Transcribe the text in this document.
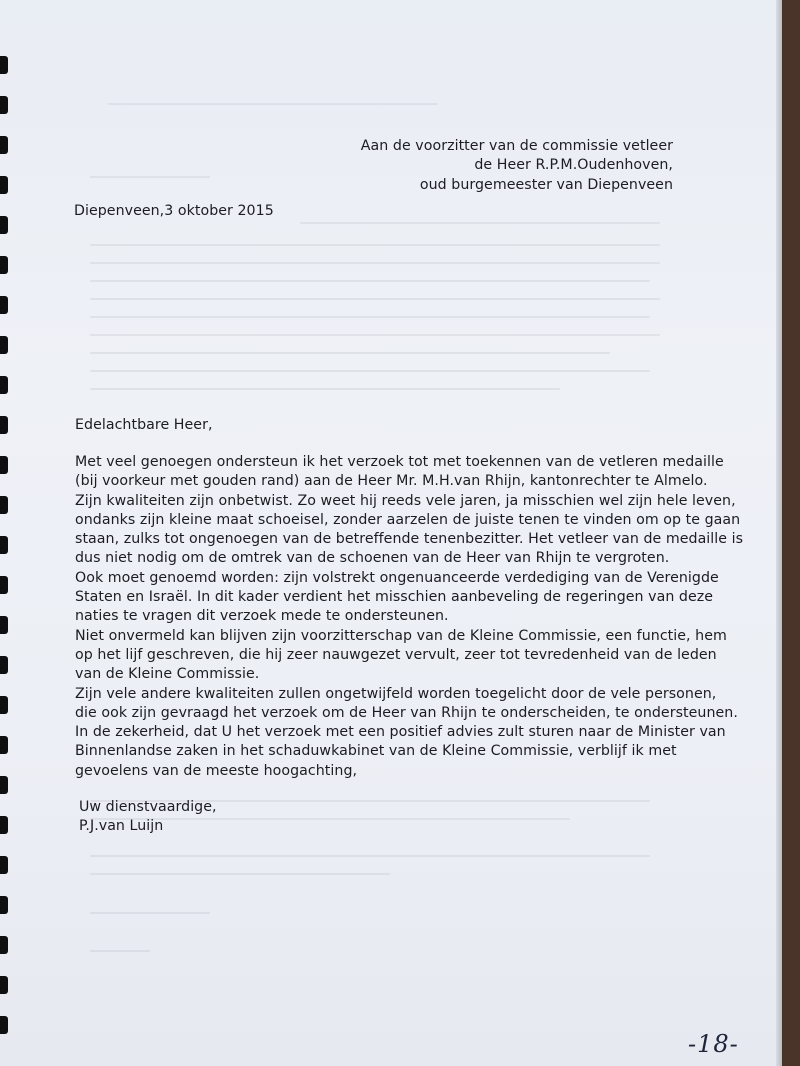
Aan de voorzitter van de commissie vetleer
de Heer R.P.M.Oudenhoven,
oud burgemeester van Diepenveen
Diepenveen,3 oktober 2015
Edelachtbare Heer,
Met veel genoegen ondersteun ik het verzoek tot met toekennen van de vetleren medaille
(bij voorkeur met gouden rand) aan de Heer Mr. M.H.van Rhijn, kantonrechter te Almelo.
Zijn kwaliteiten zijn onbetwist. Zo weet hij reeds vele jaren, ja misschien wel zijn hele leven,
ondanks zijn kleine maat schoeisel, zonder aarzelen de juiste tenen te vinden om op te gaan
staan, zulks tot ongenoegen van de betreffende tenenbezitter. Het vetleer van de medaille is
dus niet nodig om de omtrek van de schoenen van de Heer van Rhijn te vergroten.
Ook moet genoemd worden: zijn volstrekt ongenuanceerde verdediging van de Verenigde
Staten en Israël. In dit kader verdient het misschien aanbeveling de regeringen van deze
naties te vragen dit verzoek mede te ondersteunen.
Niet onvermeld kan blijven zijn voorzitterschap van de Kleine Commissie, een functie, hem
op het lijf geschreven, die hij zeer nauwgezet vervult, zeer tot tevredenheid van de leden
van de Kleine Commissie.
Zijn vele andere kwaliteiten zullen ongetwijfeld worden toegelicht door de vele personen,
die ook zijn gevraagd het verzoek om de Heer van Rhijn te onderscheiden, te ondersteunen.
In de zekerheid, dat U het verzoek met een positief advies zult sturen naar de Minister van
Binnenlandse zaken in het schaduwkabinet van de Kleine Commissie, verblijf ik met
gevoelens van de meeste hoogachting,
Uw dienstvaardige,
P.J.van Luijn
-18-
